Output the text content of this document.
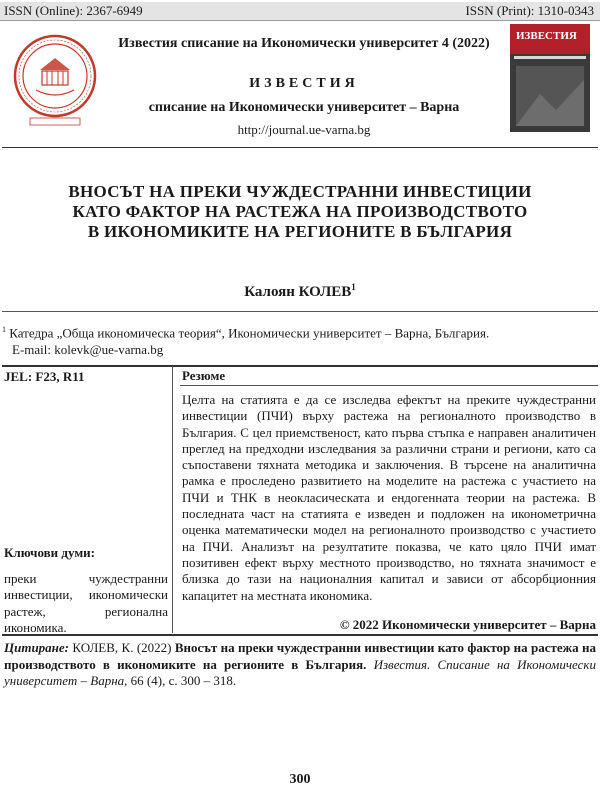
ISSN (Online): 2367-6949	ISSN (Print): 1310-0343
Известия списание на Икономически университет 4 (2022)
ИЗВЕСТИЯ
списание на Икономически университет – Варна
http://journal.ue-varna.bg
ИЗВЕСТИЯ
ВНОСЪТ НА ПРЕКИ ЧУЖДЕСТРАННИ ИНВЕСТИЦИИ
КАТО ФАКТОР НА РАСТЕЖА НА ПРОИЗВОДСТВОТО
В ИКОНОМИКИТЕ НА РЕГИОНИТЕ В БЪЛГАРИЯ
Калоян КОЛЕВ$^1$
$^1$ Катедра „Обща икономическа теория“, Икономически университет – Варна, България.
E-mail: kolevk@ue-varna.bg
JEL: F23, R11	Резюме
Целта на статията е да се изследва ефектът на преките чуждестранни инвестиции (ПЧИ) върху растежа на регионалното производство в България. С цел приемственост, като първа стъпка е направен аналитичен преглед на предходни изследвания за различни страни и региони, като са съпоставени тяхната методика и заключения. В търсене на аналитична рамка е проследено развитието на моделите на растежа с участието на ПЧИ и ТНК в неокласическата и ендогенната теории на растежа. В последната част на статията е изведен и подложен на иконометрична оценка математически модел на регионалното производство с участието на ПЧИ. Анализът на резултатите показва, че като цяло ПЧИ имат позитивен ефект върху местното производство, но тяхната значимост е близка до тази на националния капитал и зависи от абсорбционния капацитет на местната икономика.
Ключови думи:
преки чуждестранни инвестиции, икономически растеж, регионална икономика.	© 2022 Икономически университет – Варна
Цитиране: КОЛЕВ, К. (2022) Вносът на преки чуждестранни инвестиции като фактор на растежа на производството в икономиките на регионите в България. Известия. Списание на Икономически университет – Варна, 66 (4), с. 300 – 318.
300
